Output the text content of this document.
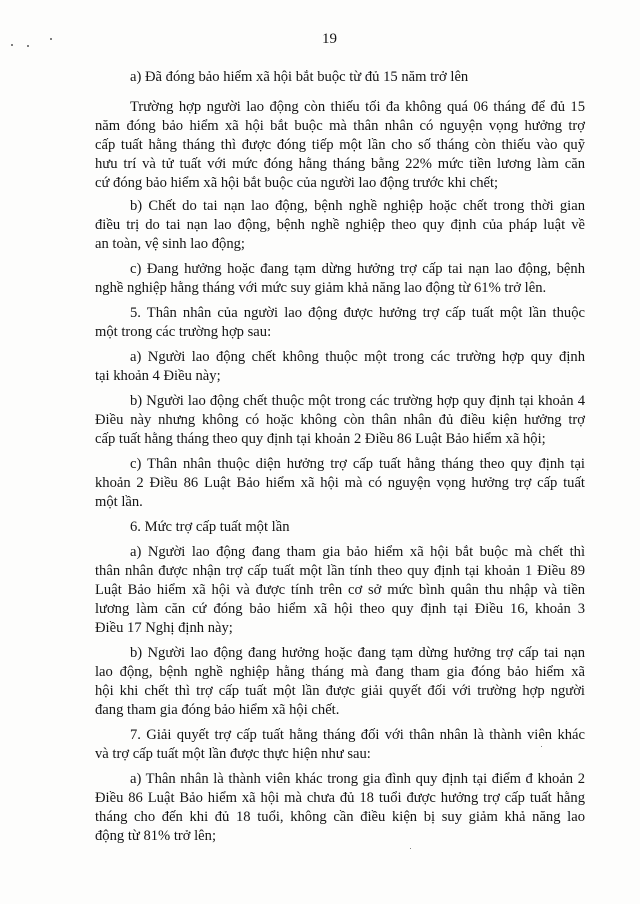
19
a) Đã đóng bảo hiểm xã hội bắt buộc từ đủ 15 năm trở lên
Trường hợp người lao động còn thiếu tối đa không quá 06 tháng để đủ 15
năm đóng bảo hiểm xã hội bắt buộc mà thân nhân có nguyện vọng hưởng trợ
cấp tuất hằng tháng thì được đóng tiếp một lần cho số tháng còn thiếu vào quỹ
hưu trí và tử tuất với mức đóng hằng tháng bằng 22% mức tiền lương làm căn
cứ đóng bảo hiểm xã hội bắt buộc của người lao động trước khi chết;
b) Chết do tai nạn lao động, bệnh nghề nghiệp hoặc chết trong thời gian
điều trị do tai nạn lao động, bệnh nghề nghiệp theo quy định của pháp luật về
an toàn, vệ sinh lao động;
c) Đang hưởng hoặc đang tạm dừng hưởng trợ cấp tai nạn lao động, bệnh
nghề nghiệp hằng tháng với mức suy giảm khả năng lao động từ 61% trở lên.
5. Thân nhân của người lao động được hưởng trợ cấp tuất một lần thuộc
một trong các trường hợp sau:
a) Người lao động chết không thuộc một trong các trường hợp quy định
tại khoản 4 Điều này;
b) Người lao động chết thuộc một trong các trường hợp quy định tại khoản 4
Điều này nhưng không có hoặc không còn thân nhân đủ điều kiện hưởng trợ
cấp tuất hằng tháng theo quy định tại khoản 2 Điều 86 Luật Bảo hiểm xã hội;
c) Thân nhân thuộc diện hưởng trợ cấp tuất hằng tháng theo quy định tại
khoản 2 Điều 86 Luật Bảo hiểm xã hội mà có nguyện vọng hưởng trợ cấp tuất
một lần.
6. Mức trợ cấp tuất một lần
a) Người lao động đang tham gia bảo hiểm xã hội bắt buộc mà chết thì
thân nhân được nhận trợ cấp tuất một lần tính theo quy định tại khoản 1 Điều 89
Luật Bảo hiểm xã hội và được tính trên cơ sở mức bình quân thu nhập và tiền
lương làm căn cứ đóng bảo hiểm xã hội theo quy định tại Điều 16, khoản 3
Điều 17 Nghị định này;
b) Người lao động đang hưởng hoặc đang tạm dừng hưởng trợ cấp tai nạn
lao động, bệnh nghề nghiệp hằng tháng mà đang tham gia đóng bảo hiểm xã
hội khi chết thì trợ cấp tuất một lần được giải quyết đối với trường hợp người
đang tham gia đóng bảo hiểm xã hội chết.
7. Giải quyết trợ cấp tuất hằng tháng đối với thân nhân là thành viên khác
và trợ cấp tuất một lần được thực hiện như sau:
a) Thân nhân là thành viên khác trong gia đình quy định tại điểm đ khoản 2
Điều 86 Luật Bảo hiểm xã hội mà chưa đủ 18 tuổi được hưởng trợ cấp tuất hằng
tháng cho đến khi đủ 18 tuổi, không cần điều kiện bị suy giảm khả năng lao
động từ 81% trở lên;
